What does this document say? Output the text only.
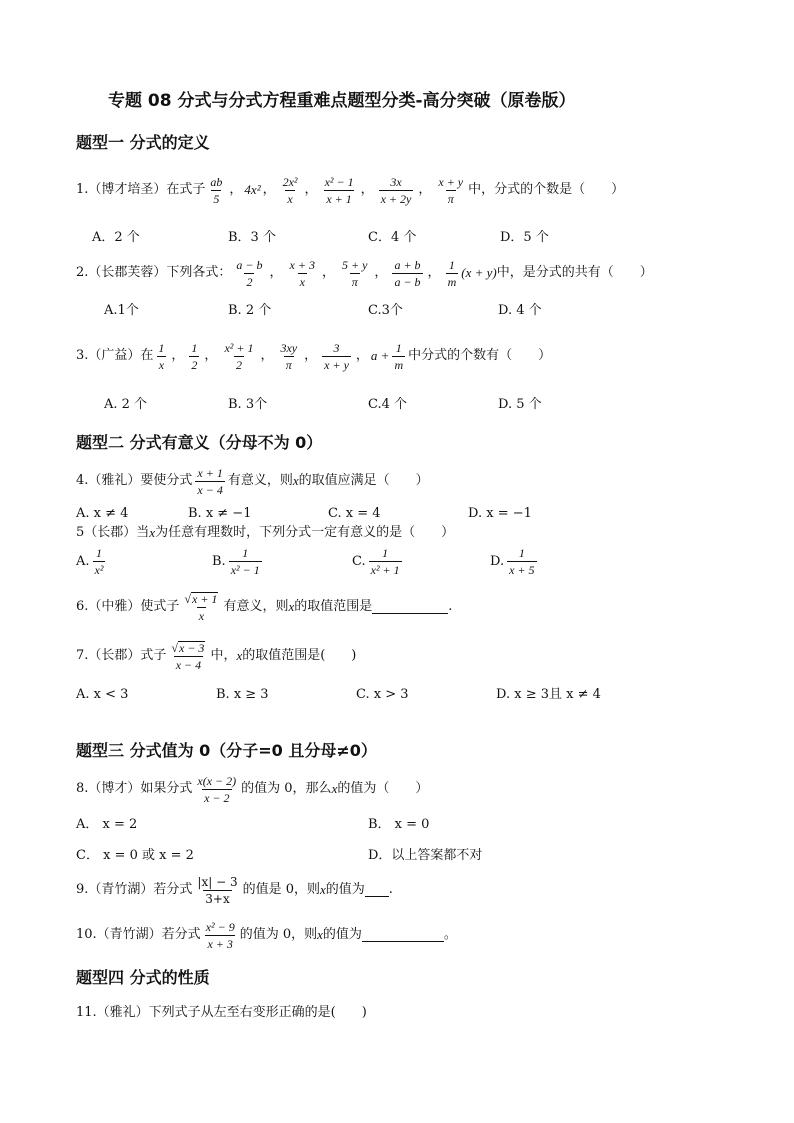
专题 08 分式与分式方程重难点题型分类-高分突破（原卷版）
题型一 分式的定义
1.（博才培圣）在式子 $\frac{ab}{5}$ ， 4x² ， $\frac{\text{2x²}}{x}$ ， $\frac{\text{x² − 1}}{x + 1}$ ， $\frac{3x}{x + 2y}$ ， $\frac{x + y}{\pi}$ 中，分式的个数是（　　）
A．2 个	B．3 个	C．4 个	D．5 个
2.（长郡芙蓉）下列各式： $\frac{a - b}{2}$ ， $\frac{x + 3}{x}$ ， $\frac{5 + y}{\pi}$ ， $\frac{a + b}{a - b}$ ， $\frac{1}{m} (x + y)$ 中，是分式的共有（　　）
A.1个	B. 2 个	C.3个	D. 4 个
3.（广益）在 $\frac{1}{x}$ ， $\frac{1}{2}$ ， $\frac{\text{x² + 1}}{2}$ ， $\frac{3xy}{\pi}$ ， $\frac{3}{x + y}$ ， $a + \frac{1}{m}$ 中分式的个数有（　　）
A. 2 个	B. 3个	C.4 个	D. 5 个
题型二 分式有意义（分母不为 0）
4.（雅礼）要使分式 $\frac{x + 1}{x - 4}$ 有意义，则 x 的取值应满足（　　）
A. x ≠ 4	B. x ≠ −1	C. x = 4	D. x = −1
5（长郡）当 x 为任意有理数时，下列分式一定有意义的是（　　）
A. $\frac{1}{\text{x²}}$	B. $\frac{1}{\text{x² − 1}}$	C. $\frac{1}{\text{x² + 1}}$	D. $\frac{1}{x + 5}$
6.（中雅）使式子 $\frac{√ x + 1}{x}$ 有意义，则 x 的取值范围是	.
7.（长郡）式子 $\frac{√ x - 3}{x - 4}$ 中， x 的取值范围是(　　)
A. x < 3	B. x ≥ 3	C. x > 3	D. x ≥ 3且 x ≠ 4
题型三 分式值为 0（分子=0 且分母≠0）
8.（博才）如果分式 $\frac{x(x - 2)}{x - 2}$ 的值为 0，那么 x 的值为（　　）
A． x = 2	B． x = 0
C． x = 0 或 x = 2	D．以上答案都不对
9.（青竹湖）若分式 $\frac{|x| - 3}{3+x}$ 的值是 0，则 x 的值为 .
10.（青竹湖）若分式 $\frac{\text{x² − 9}}{x + 3}$ 的值为 0，则 x 的值为	。
题型四 分式的性质
11.（雅礼）下列式子从左至右变形正确的是(　　)
